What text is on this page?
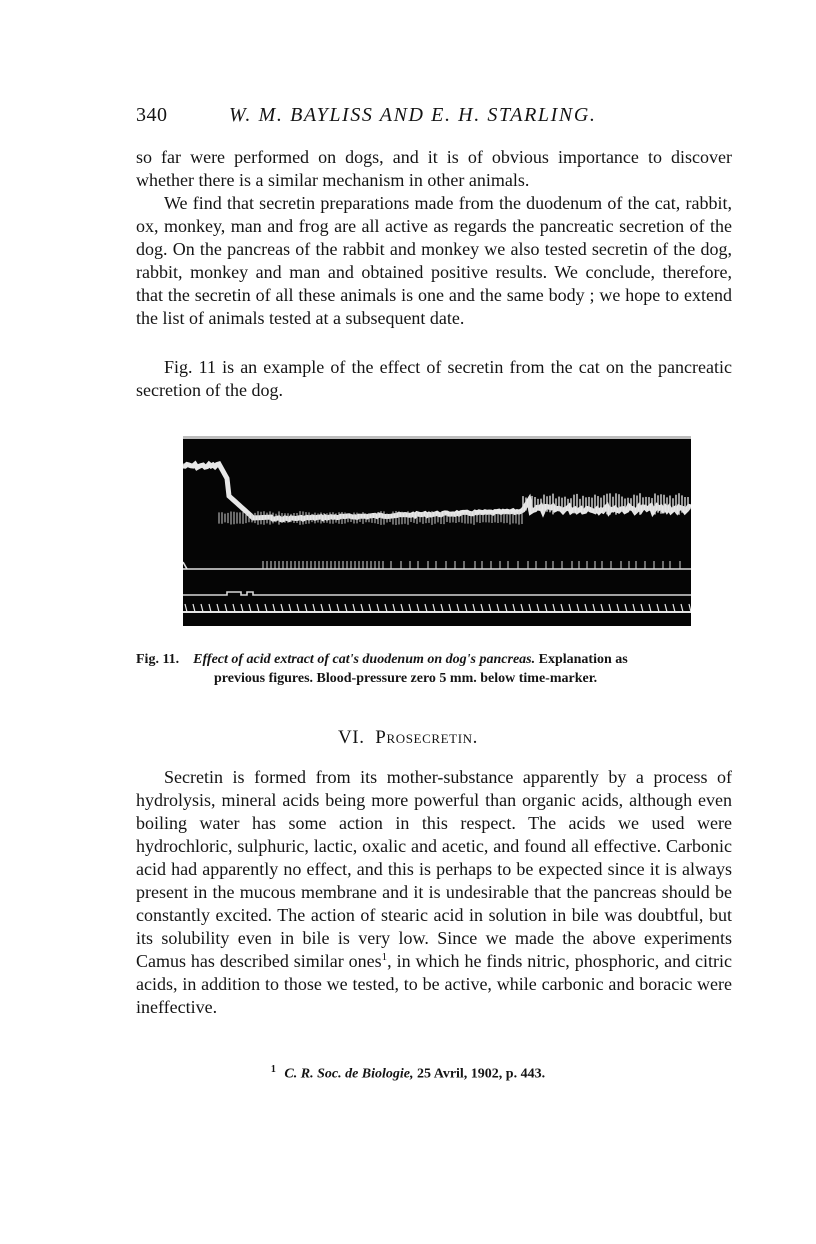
340	W. M. BAYLISS AND E. H. STARLING.

so far were performed on dogs, and it is of obvious importance to discover whether there is a similar mechanism in other animals.

We find that secretin preparations made from the duodenum of the cat, rabbit, ox, monkey, man and frog are all active as regards the pancreatic secretion of the dog. On the pancreas of the rabbit and monkey we also tested secretin of the dog, rabbit, monkey and man and obtained positive results. We conclude, therefore, that the secretin of all these animals is one and the same body ; we hope to extend the list of animals tested at a subsequent date.

Fig. 11 is an example of the effect of secretin from the cat on the pancreatic secretion of the dog.

Fig. 11. Effect of acid extract of cat's duodenum on dog's pancreas. Explanation as
previous figures. Blood-pressure zero 5 mm. below time-marker.
VI. Prosecretin.

Secretin is formed from its mother-substance apparently by a process of hydrolysis, mineral acids being more powerful than organic acids, although even boiling water has some action in this respect. The acids we used were hydrochloric, sulphuric, lactic, oxalic and acetic, and found all effective. Carbonic acid had apparently no effect, and this is perhaps to be expected since it is always present in the mucous membrane and it is undesirable that the pancreas should be constantly excited. The action of stearic acid in solution in bile was doubtful, but its solubility even in bile is very low. Since we made the above experiments Camus has described similar ones$^1$, in which he finds nitric, phosphoric, and citric acids, in addition to those we tested, to be active, while carbonic and boracic were ineffective.

$^1$ C. R. Soc. de Biologie, 25 Avril, 1902, p. 443.
